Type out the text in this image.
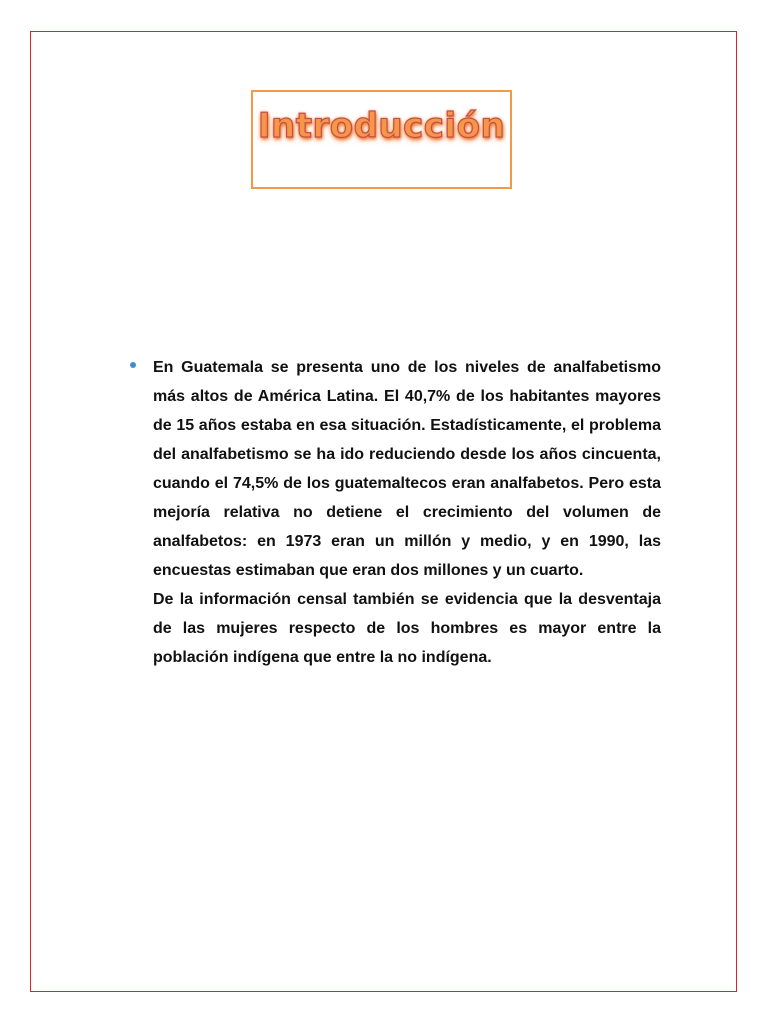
Introducción

En Guatemala se presenta uno de los niveles de analfabetismo más altos de América Latina. El 40,7% de los habitantes mayores de 15 años estaba en esa situación. Estadísticamente, el problema del analfabetismo se ha ido reduciendo desde los años cincuenta, cuando el 74,5% de los guatemaltecos eran analfabetos. Pero esta mejoría relativa no detiene el crecimiento del volumen de analfabetos: en 1973 eran un millón y medio, y en 1990, las encuestas estimaban que eran dos millones y un cuarto.

De la información censal también se evidencia que la desventaja de las mujeres respecto de los hombres es mayor entre la población indígena que entre la no indígena.
